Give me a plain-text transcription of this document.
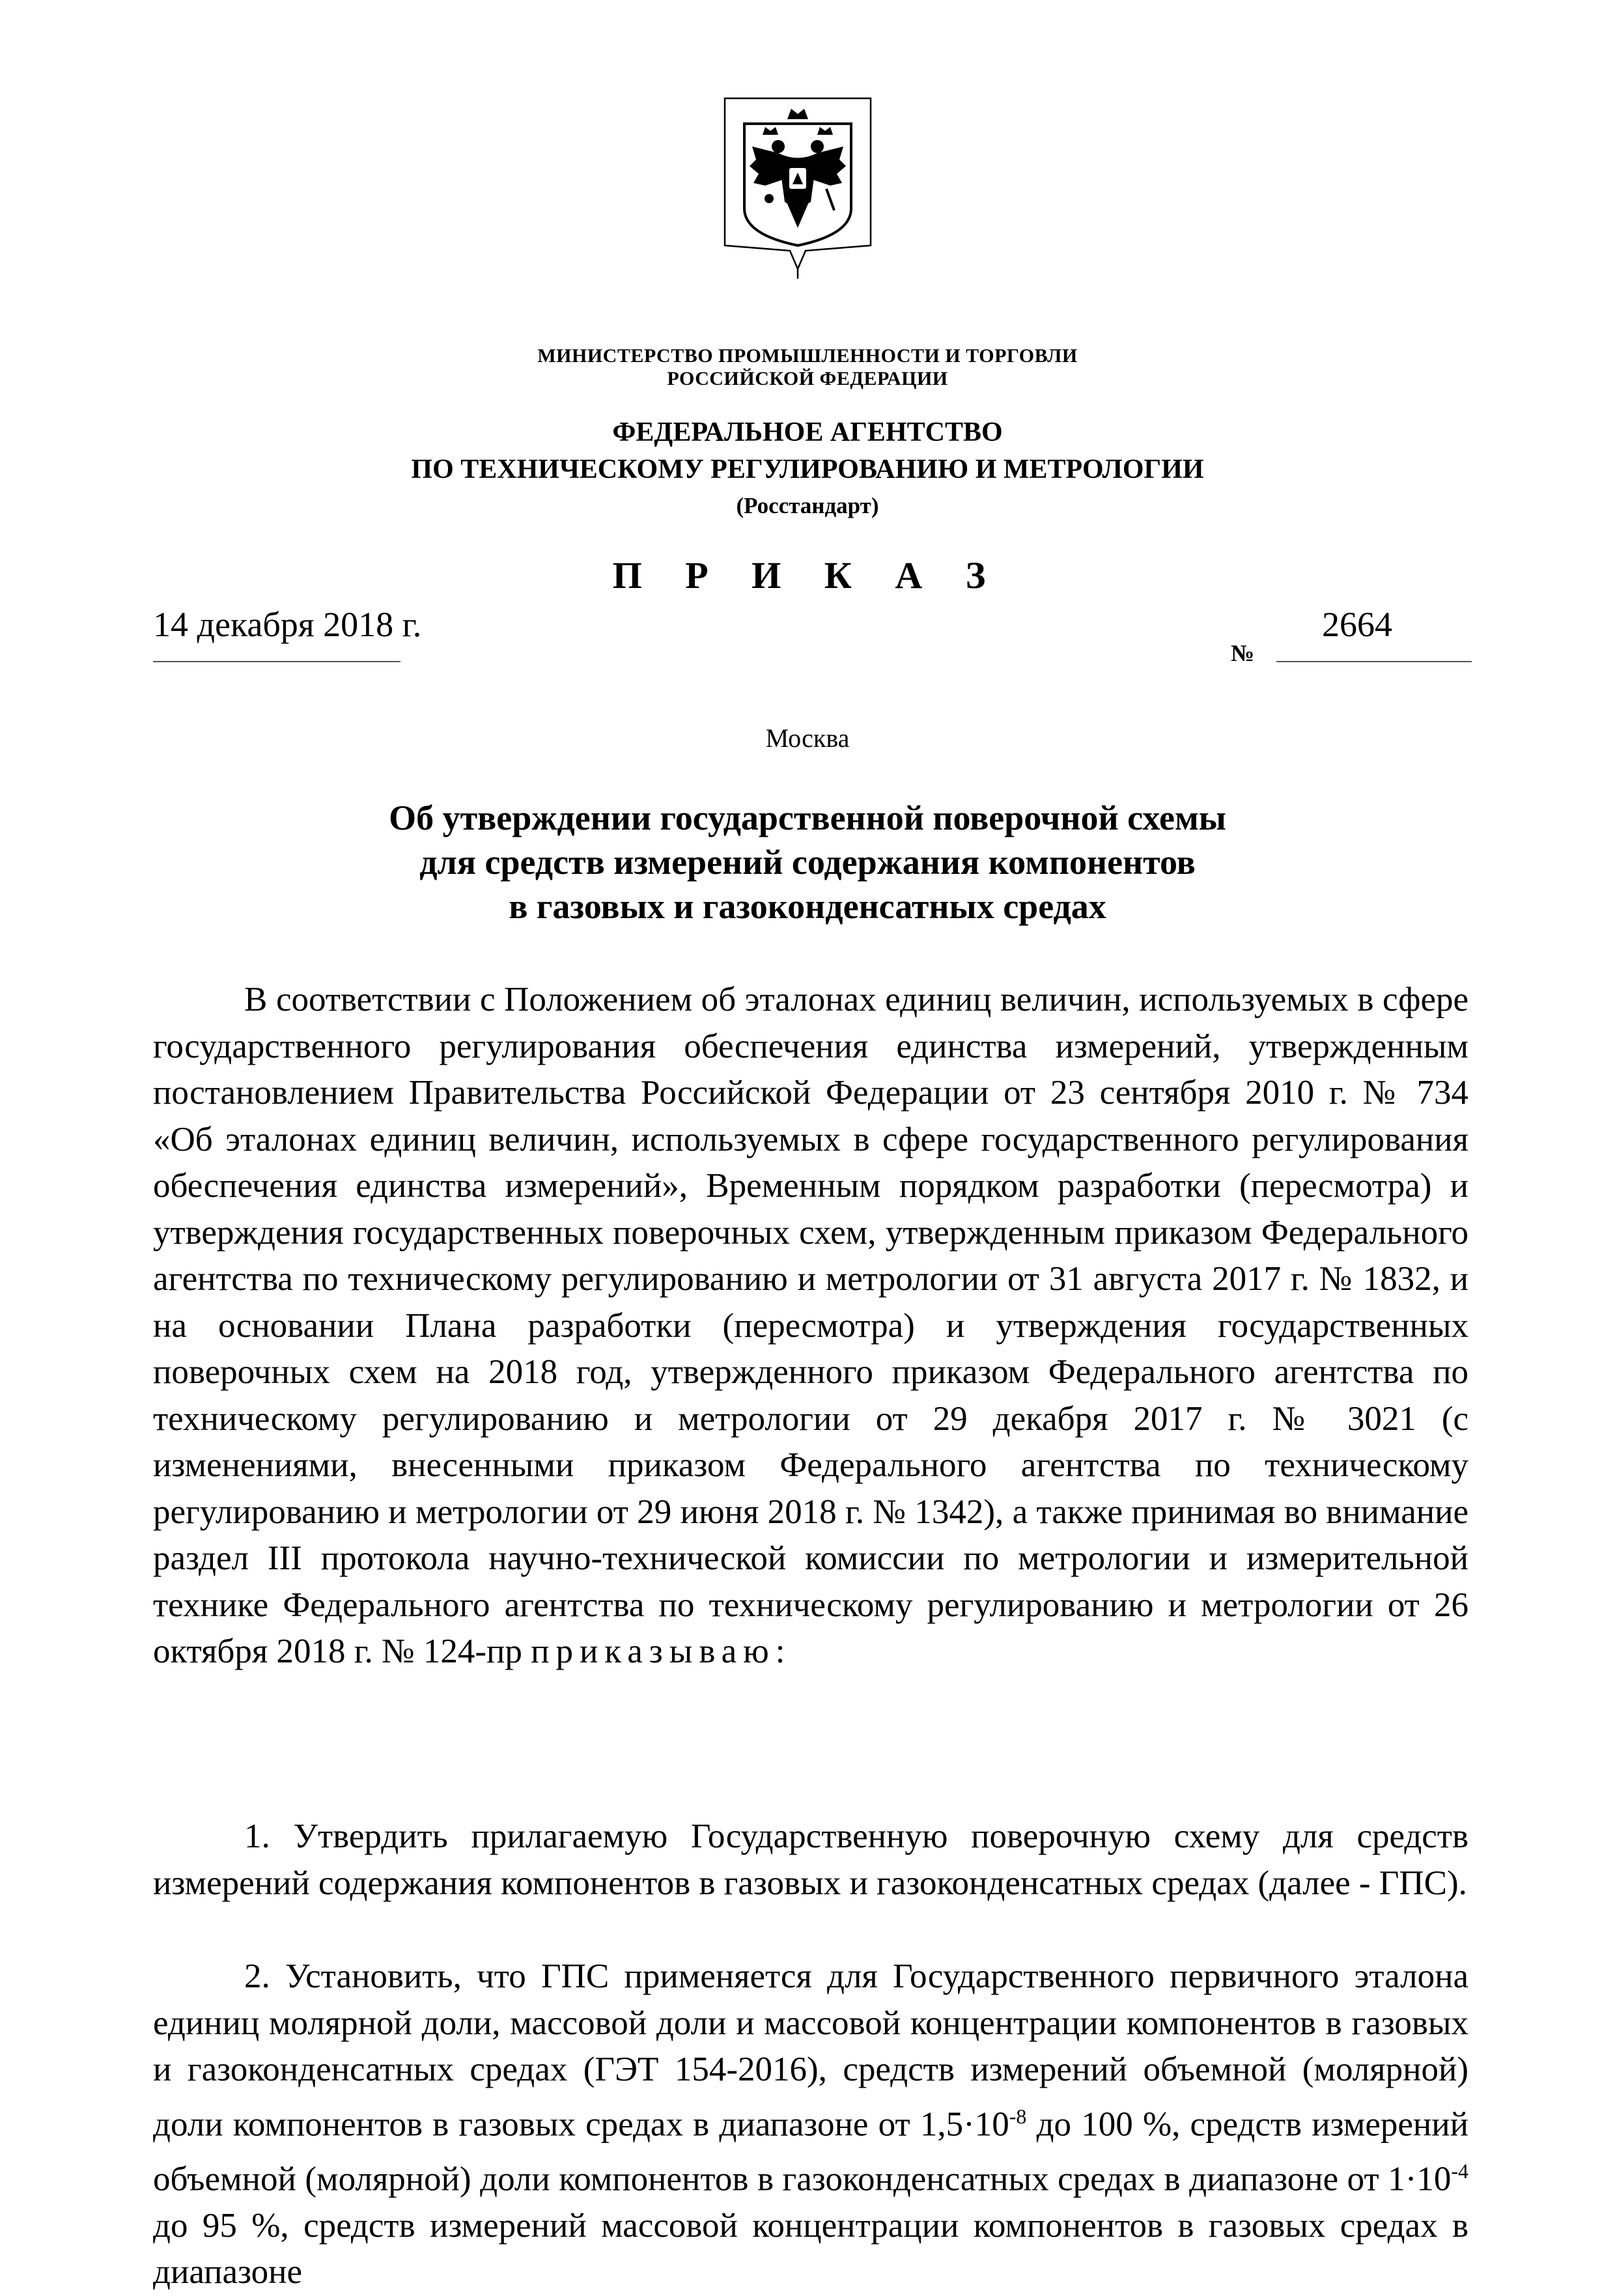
МИНИСТЕРСТВО ПРОМЫШЛЕННОСТИ И ТОРГОВЛИ
РОССИЙСКОЙ ФЕДЕРАЦИИ
ФЕДЕРАЛЬНОЕ АГЕНТСТВО
ПО ТЕХНИЧЕСКОМУ РЕГУЛИРОВАНИЮ И МЕТРОЛОГИИ
(Росстандарт)
П Р И К А З
14 декабря 2018 г.
№
2664
Москва
Об утверждении государственной поверочной схемы
для средств измерений содержания компонентов
в газовых и газоконденсатных средах

В соответствии с Положением об эталонах единиц величин, используемых в сфере государственного регулирования обеспечения единства измерений, утвержденным постановлением Правительства Российской Федерации от 23 сентября 2010 г. № 734 «Об эталонах единиц величин, используемых в сфере государственного регулирования обеспечения единства измерений», Временным порядком разработки (пересмотра) и утверждения государственных поверочных схем, утвержденным приказом Федерального агентства по техническому регулированию и метрологии от 31 августа 2017 г. № 1832, и на основании Плана разработки (пересмотра) и утверждения государственных поверочных схем на 2018 год, утвержденного приказом Федерального агентства по техническому регулированию и метрологии от 29 декабря 2017 г. № 3021 (с изменениями, внесенными приказом Федерального агентства по техническому регулированию и метрологии от 29 июня 2018 г. № 1342), а также принимая во внимание раздел III протокола научно-технической комиссии по метрологии и измерительной технике Федерального агентства по техническому регулированию и метрологии от 26 октября 2018 г. № 124-пр приказываю:

1. Утвердить прилагаемую Государственную поверочную схему для средств измерений содержания компонентов в газовых и газоконденсатных средах (далее - ГПС).

2. Установить, что ГПС применяется для Государственного первичного эталона единиц молярной доли, массовой доли и массовой концентрации компонентов в газовых и газоконденсатных средах (ГЭТ 154-2016), средств измерений объемной (молярной) доли компонентов в газовых средах в диапазоне от $1,5\cdot 10^{-8}$ до 100 %, средств измерений объемной (молярной) доли компонентов в газоконденсатных средах в диапазоне от $1\cdot 10^{-4}$ до 95 %, средств измерений массовой концентрации компонентов в газовых средах в диапазоне
